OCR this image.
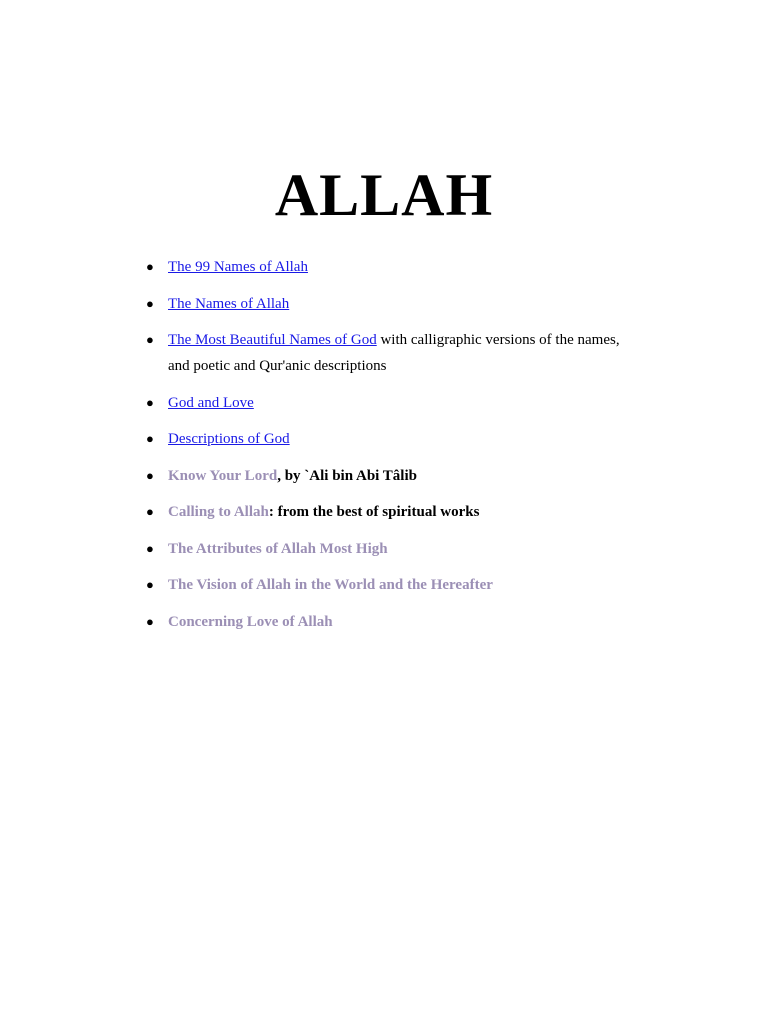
ALLAH
● The 99 Names of Allah
● The Names of Allah
● The Most Beautiful Names of God with calligraphic versions of the names, and poetic and Qur'anic descriptions
● God and Love
● Descriptions of God
● Know Your Lord, by `Ali bin Abi Tâlib
● Calling to Allah: from the best of spiritual works
● The Attributes of Allah Most High
● The Vision of Allah in the World and the Hereafter
● Concerning Love of Allah
